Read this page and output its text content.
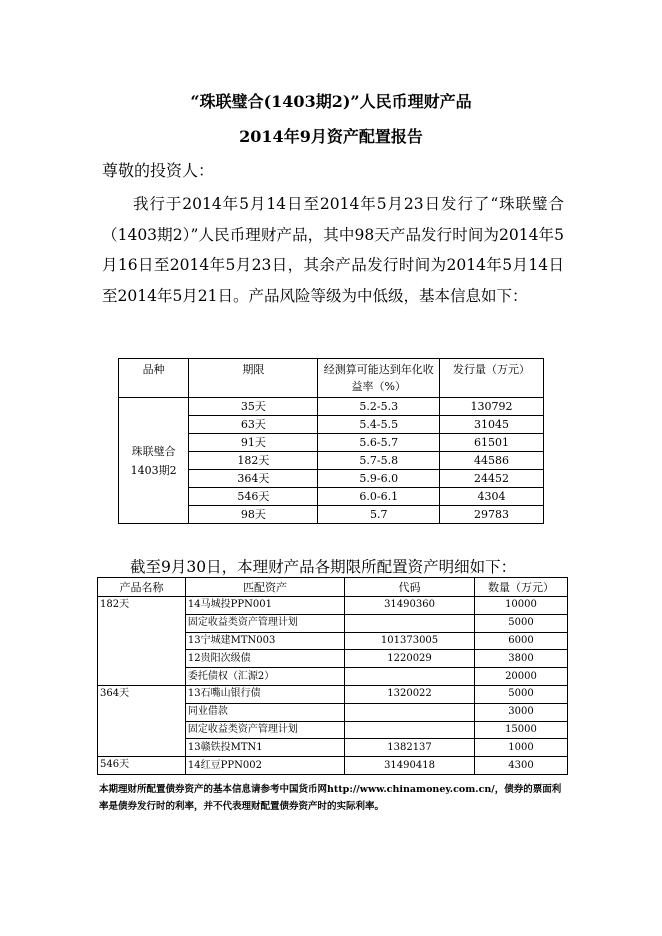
“珠联璧合(1403期2)”人民币理财产品
2014年9月资产配置报告
尊敬的投资人：
我行于2014年5月14日至2014年5月23日发行了“珠联璧合（1403期2）”人民币理财产品，其中98天产品发行时间为2014年5月16日至2014年5月23日，其余产品发行时间为2014年5月14日至2014年5月21日。产品风险等级为中低级，基本信息如下：
品种	期限	经测算可能达到年化收益率（%）	发行量（万元）
珠联璧合1403期2	35天	5.2-5.3	130792
	63天	5.4-5.5	31045
	91天	5.6-5.7	61501
	182天	5.7-5.8	44586
	364天	5.9-6.0	24452
	546天	6.0-6.1	4304
	98天	5.7	29783
截至9月30日，本理财产品各期限所配置资产明细如下：
产品名称	匹配资产	代码	数量（万元）
182天	14马城投PPN001	31490360	10000
	固定收益类资产管理计划		5000
	13宁城建MTN003	101373005	6000
	12贵阳次级债	1220029	3800
	委托债权（汇源2）		20000
364天	13石嘴山银行债	1320022	5000
	同业借款		3000
	固定收益类资产管理计划		15000
	13赣铁投MTN1	1382137	1000
546天	14红豆PPN002	31490418	4300
本期理财所配置债券资产的基本信息请参考中国货币网http://www.chinamoney.com.cn/，债券的票面利率是债券发行时的利率，并不代表理财配置债券资产时的实际利率。
